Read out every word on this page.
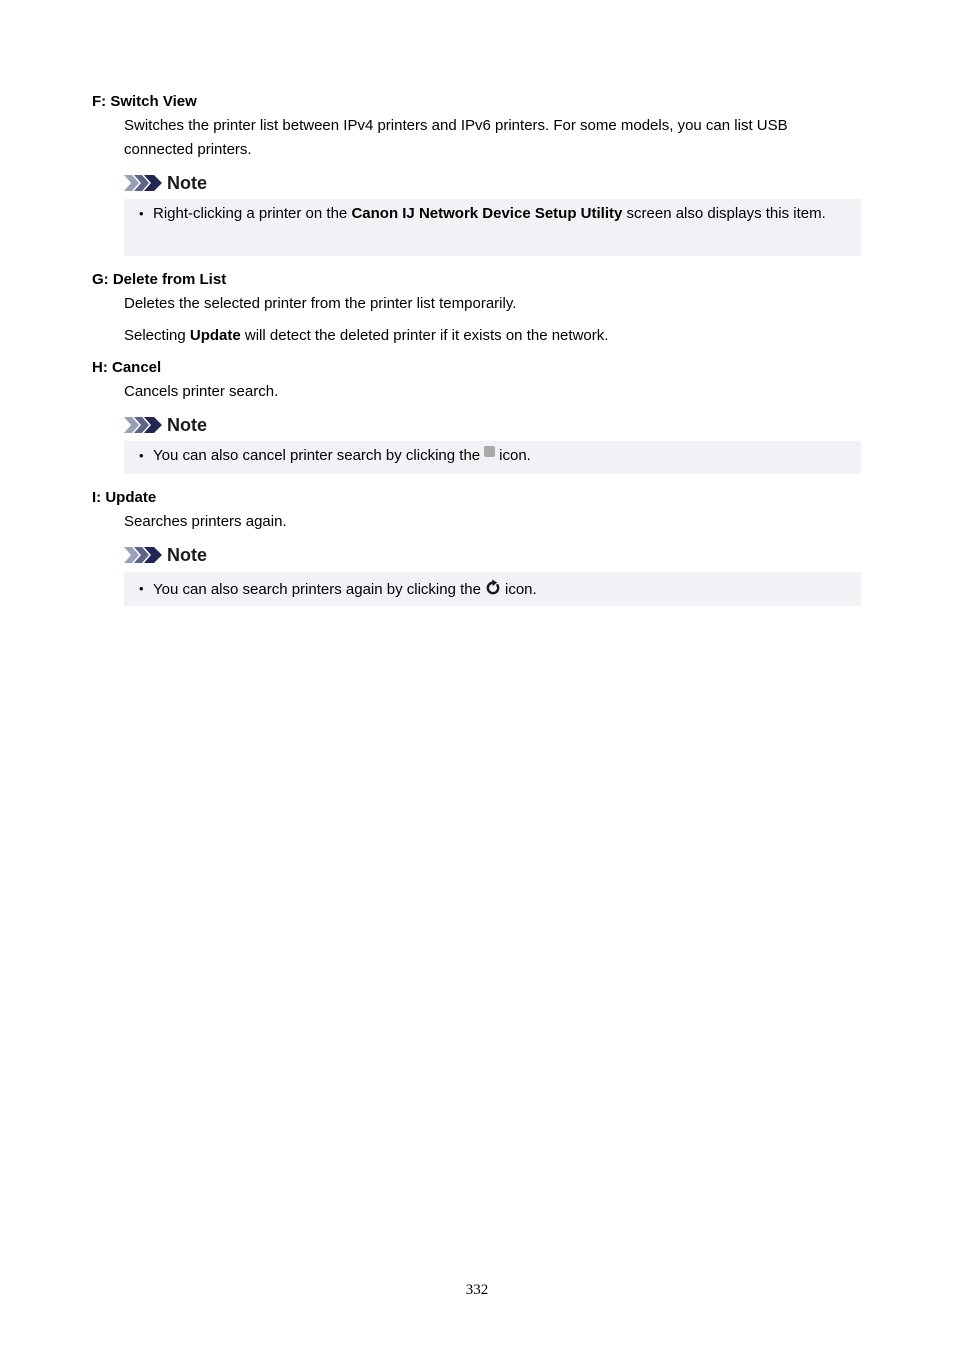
F: Switch View
Switches the printer list between IPv4 printers and IPv6 printers. For some models, you can list USB connected printers.
Note
• Right-clicking a printer on the Canon IJ Network Device Setup Utility screen also displays this item.
G: Delete from List
Deletes the selected printer from the printer list temporarily.
Selecting Update will detect the deleted printer if it exists on the network.
H: Cancel
Cancels printer search.
Note
• You can also cancel printer search by clicking the icon.
I: Update
Searches printers again.
Note
• You can also search printers again by clicking the icon.
332
